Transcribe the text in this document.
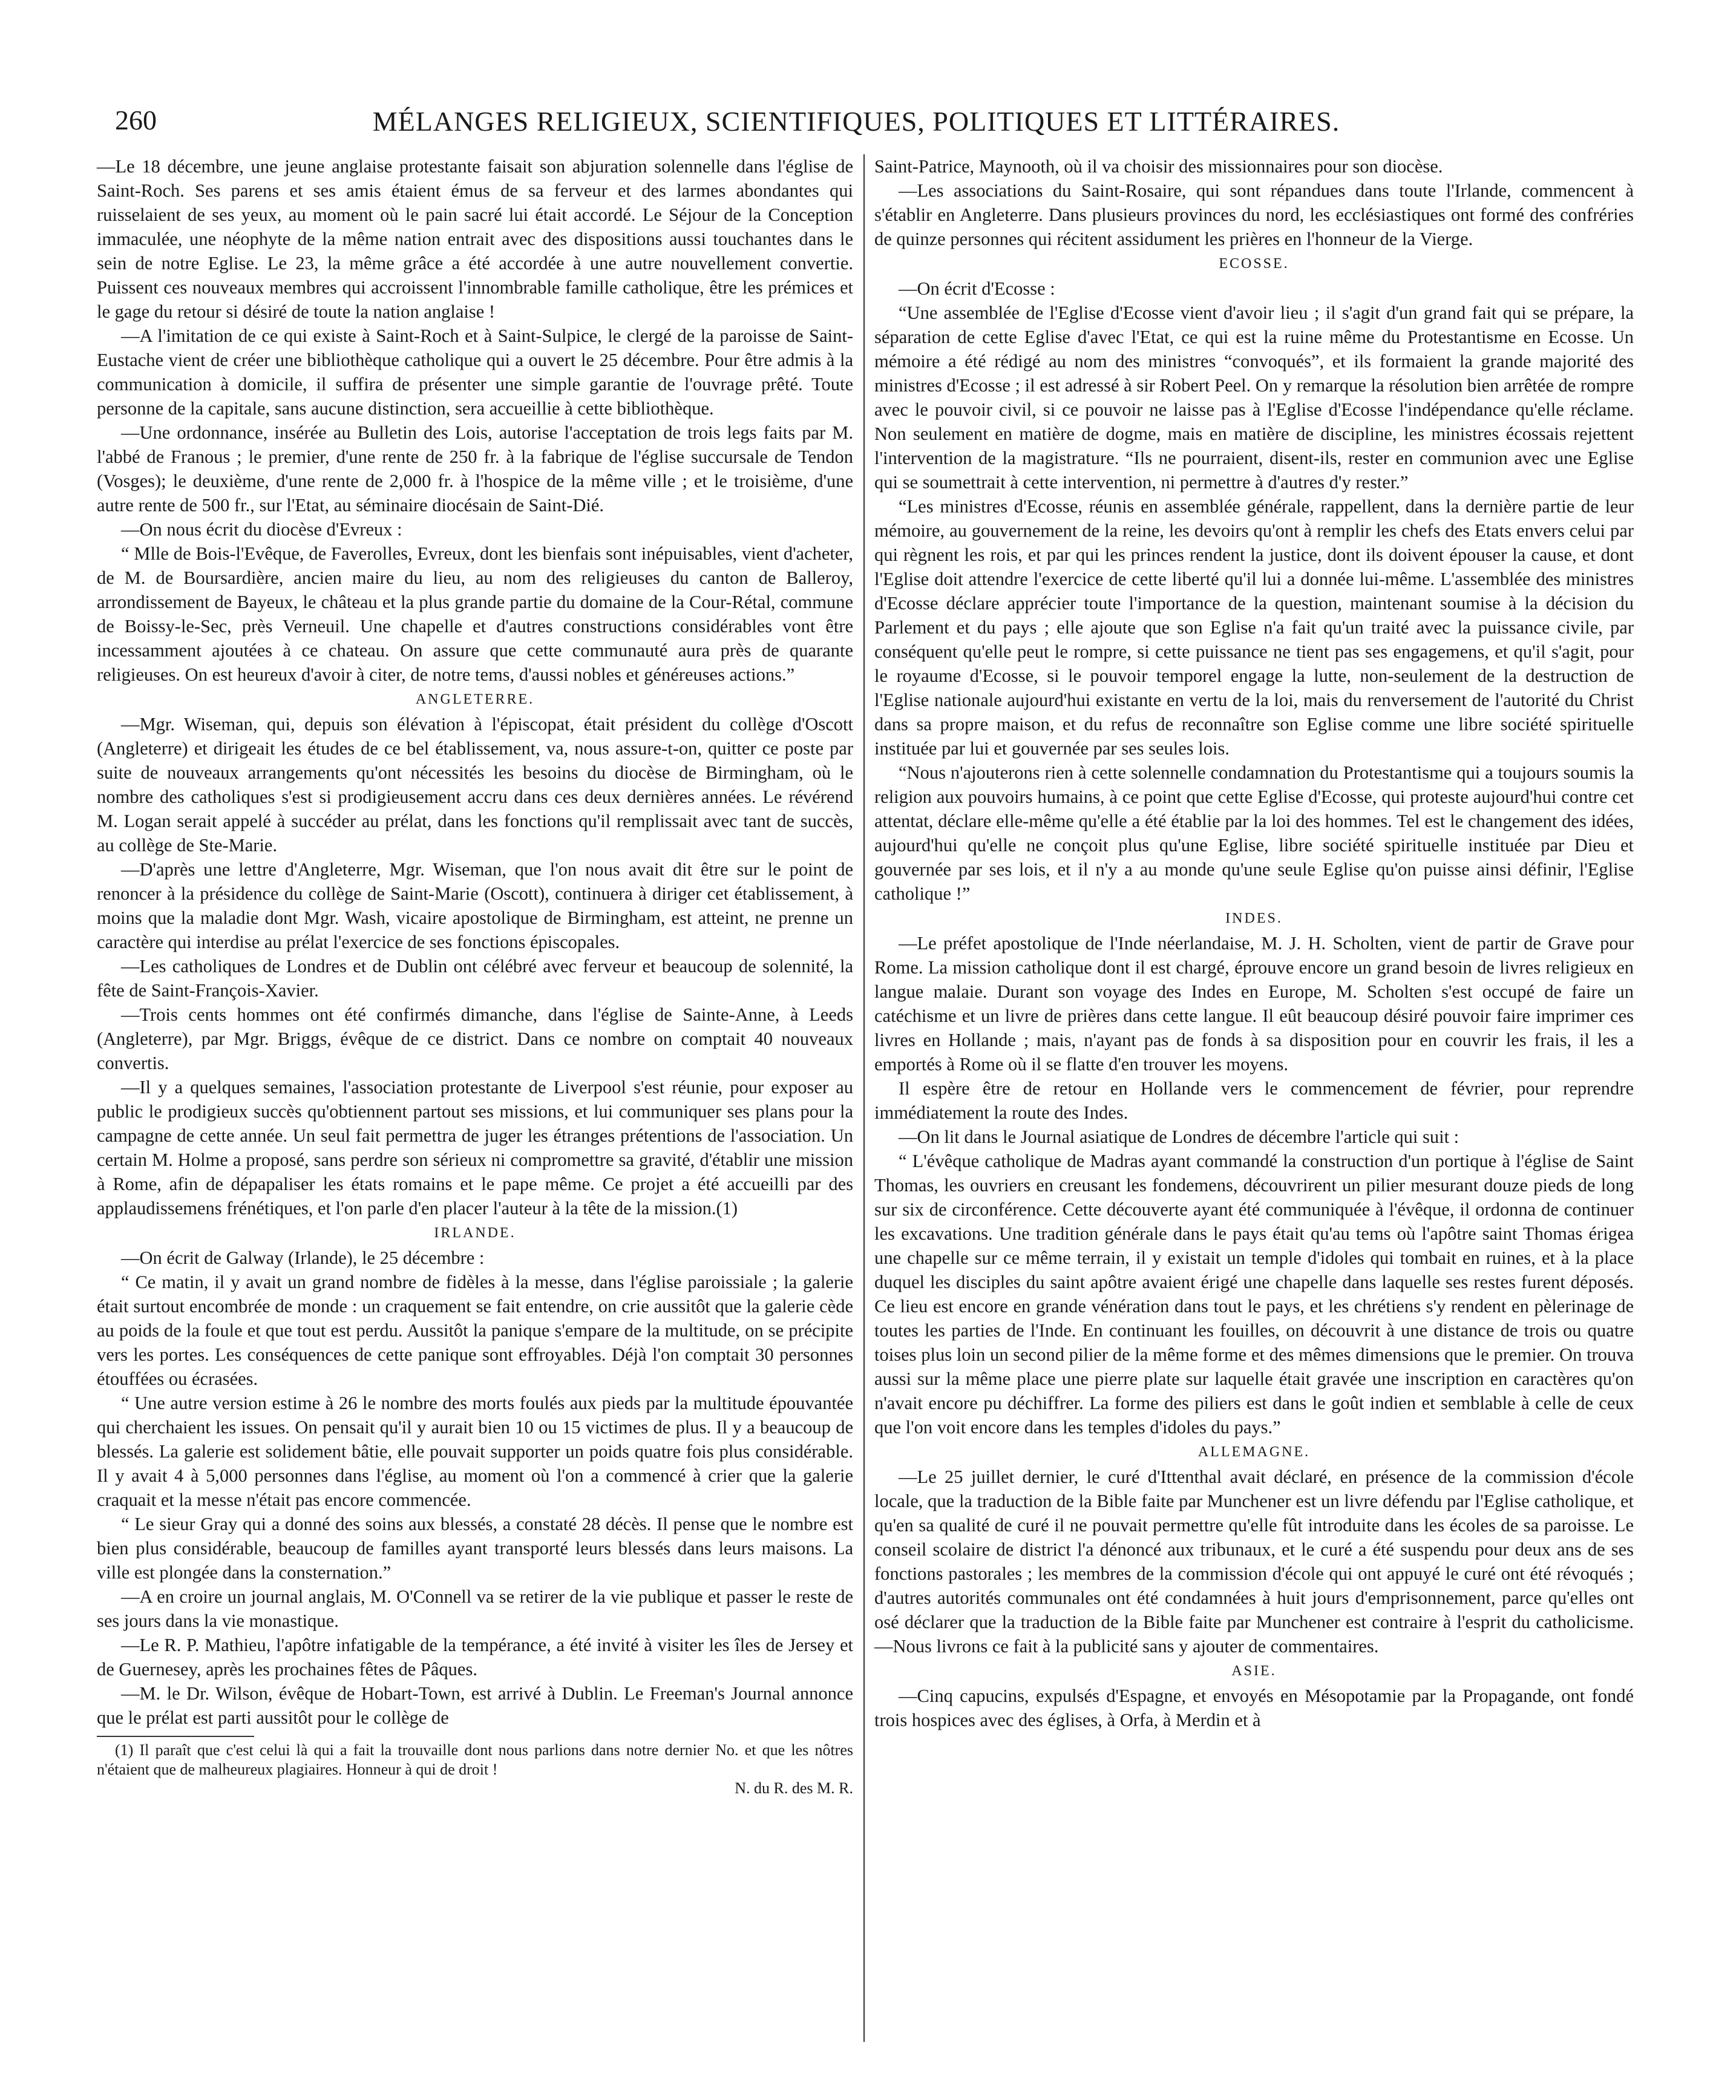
260	MÉLANGES RELIGIEUX, SCIENTIFIQUES, POLITIQUES ET LITTÉRAIRES.

—Le 18 décembre, une jeune anglaise protestante faisait son abjuration solennelle dans l'église de Saint-Roch. Ses parens et ses amis étaient émus de sa ferveur et des larmes abondantes qui ruisselaient de ses yeux, au moment où le pain sacré lui était accordé. Le Séjour de la Conception immaculée, une néophyte de la même nation entrait avec des dispositions aussi touchantes dans le sein de notre Eglise. Le 23, la même grâce a été accordée à une autre nouvellement convertie. Puissent ces nouveaux membres qui accroissent l'innombrable famille catholique, être les prémices et le gage du retour si désiré de toute la nation anglaise !

—A l'imitation de ce qui existe à Saint-Roch et à Saint-Sulpice, le clergé de la paroisse de Saint-Eustache vient de créer une bibliothèque catholique qui a ouvert le 25 décembre. Pour être admis à la communication à domicile, il suffira de présenter une simple garantie de l'ouvrage prêté. Toute personne de la capitale, sans aucune distinction, sera accueillie à cette bibliothèque.

—Une ordonnance, insérée au Bulletin des Lois, autorise l'acceptation de trois legs faits par M. l'abbé de Franous ; le premier, d'une rente de 250 fr. à la fabrique de l'église succursale de Tendon (Vosges); le deuxième, d'une rente de 2,000 fr. à l'hospice de la même ville ; et le troisième, d'une autre rente de 500 fr., sur l'Etat, au séminaire diocésain de Saint-Dié.

—On nous écrit du diocèse d'Evreux :

“ Mlle de Bois-l'Evêque, de Faverolles, Evreux, dont les bienfais sont inépuisables, vient d'acheter, de M. de Boursardière, ancien maire du lieu, au nom des religieuses du canton de Balleroy, arrondissement de Bayeux, le château et la plus grande partie du domaine de la Cour-Rétal, commune de Boissy-le-Sec, près Verneuil. Une chapelle et d'autres constructions considérables vont être incessamment ajoutées à ce chateau. On assure que cette communauté aura près de quarante religieuses. On est heureux d'avoir à citer, de notre tems, d'aussi nobles et généreuses actions.”

ANGLETERRE.

—Mgr. Wiseman, qui, depuis son élévation à l'épiscopat, était président du collège d'Oscott (Angleterre) et dirigeait les études de ce bel établissement, va, nous assure-t-on, quitter ce poste par suite de nouveaux arrangements qu'ont nécessités les besoins du diocèse de Birmingham, où le nombre des catholiques s'est si prodigieusement accru dans ces deux dernières années. Le révérend M. Logan serait appelé à succéder au prélat, dans les fonctions qu'il remplissait avec tant de succès, au collège de Ste-Marie.

—D'après une lettre d'Angleterre, Mgr. Wiseman, que l'on nous avait dit être sur le point de renoncer à la présidence du collège de Saint-Marie (Oscott), continuera à diriger cet établissement, à moins que la maladie dont Mgr. Wash, vicaire apostolique de Birmingham, est atteint, ne prenne un caractère qui interdise au prélat l'exercice de ses fonctions épiscopales.

—Les catholiques de Londres et de Dublin ont célébré avec ferveur et beaucoup de solennité, la fête de Saint-François-Xavier.

—Trois cents hommes ont été confirmés dimanche, dans l'église de Sainte-Anne, à Leeds (Angleterre), par Mgr. Briggs, évêque de ce district. Dans ce nombre on comptait 40 nouveaux convertis.

—Il y a quelques semaines, l'association protestante de Liverpool s'est réunie, pour exposer au public le prodigieux succès qu'obtiennent partout ses missions, et lui communiquer ses plans pour la campagne de cette année. Un seul fait permettra de juger les étranges prétentions de l'association. Un certain M. Holme a proposé, sans perdre son sérieux ni compromettre sa gravité, d'établir une mission à Rome, afin de dépapaliser les états romains et le pape même. Ce projet a été accueilli par des applaudissemens frénétiques, et l'on parle d'en placer l'auteur à la tête de la mission.(1)

IRLANDE.

—On écrit de Galway (Irlande), le 25 décembre :

“ Ce matin, il y avait un grand nombre de fidèles à la messe, dans l'église paroissiale ; la galerie était surtout encombrée de monde : un craquement se fait entendre, on crie aussitôt que la galerie cède au poids de la foule et que tout est perdu. Aussitôt la panique s'empare de la multitude, on se précipite vers les portes. Les conséquences de cette panique sont effroyables. Déjà l'on comptait 30 personnes étouffées ou écrasées.

“ Une autre version estime à 26 le nombre des morts foulés aux pieds par la multitude épouvantée qui cherchaient les issues. On pensait qu'il y aurait bien 10 ou 15 victimes de plus. Il y a beaucoup de blessés. La galerie est solidement bâtie, elle pouvait supporter un poids quatre fois plus considérable. Il y avait 4 à 5,000 personnes dans l'église, au moment où l'on a commencé à crier que la galerie craquait et la messe n'était pas encore commencée.

“ Le sieur Gray qui a donné des soins aux blessés, a constaté 28 décès. Il pense que le nombre est bien plus considérable, beaucoup de familles ayant transporté leurs blessés dans leurs maisons. La ville est plongée dans la consternation.”

—A en croire un journal anglais, M. O'Connell va se retirer de la vie publique et passer le reste de ses jours dans la vie monastique.

—Le R. P. Mathieu, l'apôtre infatigable de la tempérance, a été invité à visiter les îles de Jersey et de Guernesey, après les prochaines fêtes de Pâques.

—M. le Dr. Wilson, évêque de Hobart-Town, est arrivé à Dublin. Le Freeman's Journal annonce que le prélat est parti aussitôt pour le collège de

(1) Il paraît que c'est celui là qui a fait la trouvaille dont nous parlions dans notre dernier No. et que les nôtres n'étaient que de malheureux plagiaires. Honneur à qui de droit !

N. du R. des M. R.

Saint-Patrice, Maynooth, où il va choisir des missionnaires pour son diocèse.

—Les associations du Saint-Rosaire, qui sont répandues dans toute l'Irlande, commencent à s'établir en Angleterre. Dans plusieurs provinces du nord, les ecclésiastiques ont formé des confréries de quinze personnes qui récitent assidument les prières en l'honneur de la Vierge.

ECOSSE.

—On écrit d'Ecosse :

“Une assemblée de l'Eglise d'Ecosse vient d'avoir lieu ; il s'agit d'un grand fait qui se prépare, la séparation de cette Eglise d'avec l'Etat, ce qui est la ruine même du Protestantisme en Ecosse. Un mémoire a été rédigé au nom des ministres “convoqués”, et ils formaient la grande majorité des ministres d'Ecosse ; il est adressé à sir Robert Peel. On y remarque la résolution bien arrêtée de rompre avec le pouvoir civil, si ce pouvoir ne laisse pas à l'Eglise d'Ecosse l'indépendance qu'elle réclame. Non seulement en matière de dogme, mais en matière de discipline, les ministres écossais rejettent l'intervention de la magistrature. “Ils ne pourraient, disent-ils, rester en communion avec une Eglise qui se soumettrait à cette intervention, ni permettre à d'autres d'y rester.”

“Les ministres d'Ecosse, réunis en assemblée générale, rappellent, dans la dernière partie de leur mémoire, au gouvernement de la reine, les devoirs qu'ont à remplir les chefs des Etats envers celui par qui règnent les rois, et par qui les princes rendent la justice, dont ils doivent épouser la cause, et dont l'Eglise doit attendre l'exercice de cette liberté qu'il lui a donnée lui-même. L'assemblée des ministres d'Ecosse déclare apprécier toute l'importance de la question, maintenant soumise à la décision du Parlement et du pays ; elle ajoute que son Eglise n'a fait qu'un traité avec la puissance civile, par conséquent qu'elle peut le rompre, si cette puissance ne tient pas ses engagemens, et qu'il s'agit, pour le royaume d'Ecosse, si le pouvoir temporel engage la lutte, non-seulement de la destruction de l'Eglise nationale aujourd'hui existante en vertu de la loi, mais du renversement de l'autorité du Christ dans sa propre maison, et du refus de reconnaître son Eglise comme une libre société spirituelle instituée par lui et gouvernée par ses seules lois.

“Nous n'ajouterons rien à cette solennelle condamnation du Protestantisme qui a toujours soumis la religion aux pouvoirs humains, à ce point que cette Eglise d'Ecosse, qui proteste aujourd'hui contre cet attentat, déclare elle-même qu'elle a été établie par la loi des hommes. Tel est le changement des idées, aujourd'hui qu'elle ne conçoit plus qu'une Eglise, libre société spirituelle instituée par Dieu et gouvernée par ses lois, et il n'y a au monde qu'une seule Eglise qu'on puisse ainsi définir, l'Eglise catholique !”

INDES.

—Le préfet apostolique de l'Inde néerlandaise, M. J. H. Scholten, vient de partir de Grave pour Rome. La mission catholique dont il est chargé, éprouve encore un grand besoin de livres religieux en langue malaie. Durant son voyage des Indes en Europe, M. Scholten s'est occupé de faire un catéchisme et un livre de prières dans cette langue. Il eût beaucoup désiré pouvoir faire imprimer ces livres en Hollande ; mais, n'ayant pas de fonds à sa disposition pour en couvrir les frais, il les a emportés à Rome où il se flatte d'en trouver les moyens.

Il espère être de retour en Hollande vers le commencement de février, pour reprendre immédiatement la route des Indes.

—On lit dans le Journal asiatique de Londres de décembre l'article qui suit :

“ L'évêque catholique de Madras ayant commandé la construction d'un portique à l'église de Saint Thomas, les ouvriers en creusant les fondemens, découvrirent un pilier mesurant douze pieds de long sur six de circonférence. Cette découverte ayant été communiquée à l'évêque, il ordonna de continuer les excavations. Une tradition générale dans le pays était qu'au tems où l'apôtre saint Thomas érigea une chapelle sur ce même terrain, il y existait un temple d'idoles qui tombait en ruines, et à la place duquel les disciples du saint apôtre avaient érigé une chapelle dans laquelle ses restes furent déposés. Ce lieu est encore en grande vénération dans tout le pays, et les chrétiens s'y rendent en pèlerinage de toutes les parties de l'Inde. En continuant les fouilles, on découvrit à une distance de trois ou quatre toises plus loin un second pilier de la même forme et des mêmes dimensions que le premier. On trouva aussi sur la même place une pierre plate sur laquelle était gravée une inscription en caractères qu'on n'avait encore pu déchiffrer. La forme des piliers est dans le goût indien et semblable à celle de ceux que l'on voit encore dans les temples d'idoles du pays.”

ALLEMAGNE.

—Le 25 juillet dernier, le curé d'Ittenthal avait déclaré, en présence de la commission d'école locale, que la traduction de la Bible faite par Munchener est un livre défendu par l'Eglise catholique, et qu'en sa qualité de curé il ne pouvait permettre qu'elle fût introduite dans les écoles de sa paroisse. Le conseil scolaire de district l'a dénoncé aux tribunaux, et le curé a été suspendu pour deux ans de ses fonctions pastorales ; les membres de la commission d'école qui ont appuyé le curé ont été révoqués ; d'autres autorités communales ont été condamnées à huit jours d'emprisonnement, parce qu'elles ont osé déclarer que la traduction de la Bible faite par Munchener est contraire à l'esprit du catholicisme.—Nous livrons ce fait à la publicité sans y ajouter de commentaires.

ASIE.

—Cinq capucins, expulsés d'Espagne, et envoyés en Mésopotamie par la Propagande, ont fondé trois hospices avec des églises, à Orfa, à Merdin et à
